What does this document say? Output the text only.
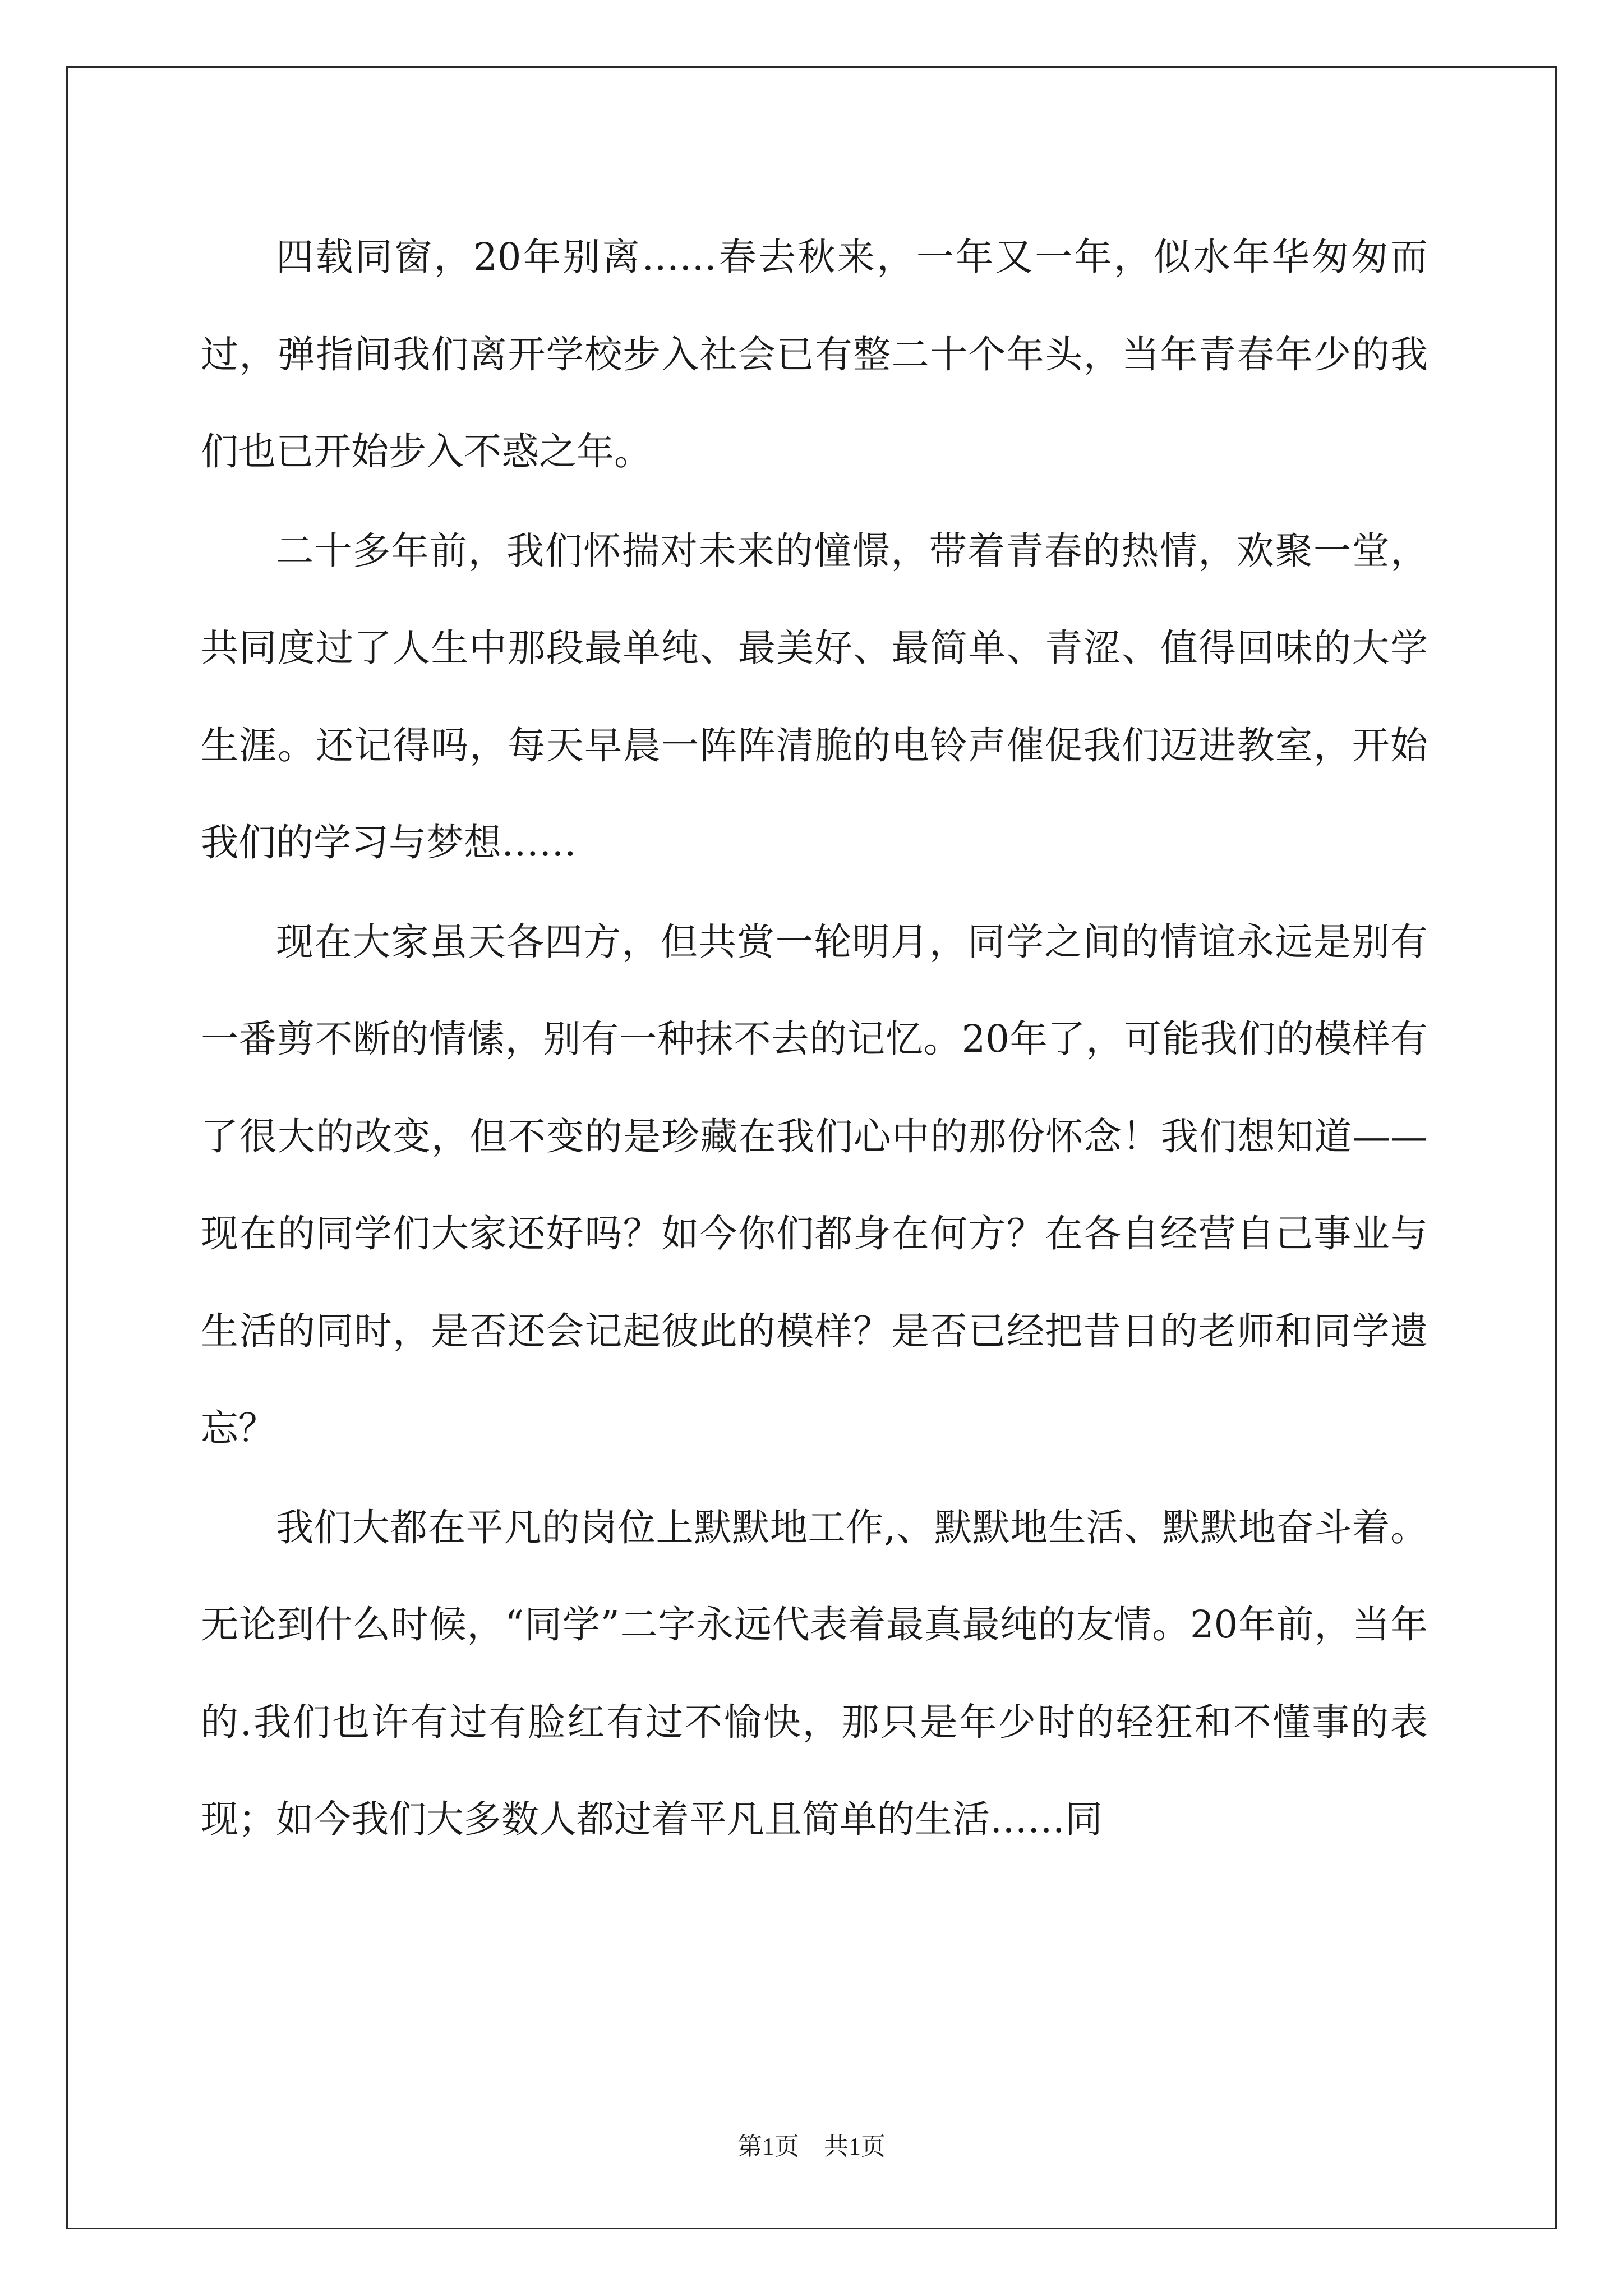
四载同窗，20年别离……春去秋来，一年又一年，似水年华匆匆而过，弹指间我们离开学校步入社会已有整二十个年头，当年青春年少的我们也已开始步入不惑之年。

二十多年前，我们怀揣对未来的憧憬，带着青春的热情，欢聚一堂，共同度过了人生中那段最单纯、最美好、最简单、青涩、值得回味的大学生涯。还记得吗，每天早晨一阵阵清脆的电铃声催促我们迈进教室，开始我们的学习与梦想……

现在大家虽天各四方，但共赏一轮明月，同学之间的情谊永远是别有一番剪不断的情愫，别有一种抹不去的记忆。20年了，可能我们的模样有了很大的改变，但不变的是珍藏在我们心中的那份怀念！我们想知道——现在的同学们大家还好吗？如今你们都身在何方？在各自经营自己事业与生活的同时，是否还会记起彼此的模样？是否已经把昔日的老师和同学遗忘？

我们大都在平凡的岗位上默默地工作,、默默地生活、默默地奋斗着。无论到什么时候，“同学”二字永远代表着最真最纯的友情。20年前，当年的.我们也许有过有脸红有过不愉快，那只是年少时的轻狂和不懂事的表现；如今我们大多数人都过着平凡且简单的生活……同

第1页　共1页
